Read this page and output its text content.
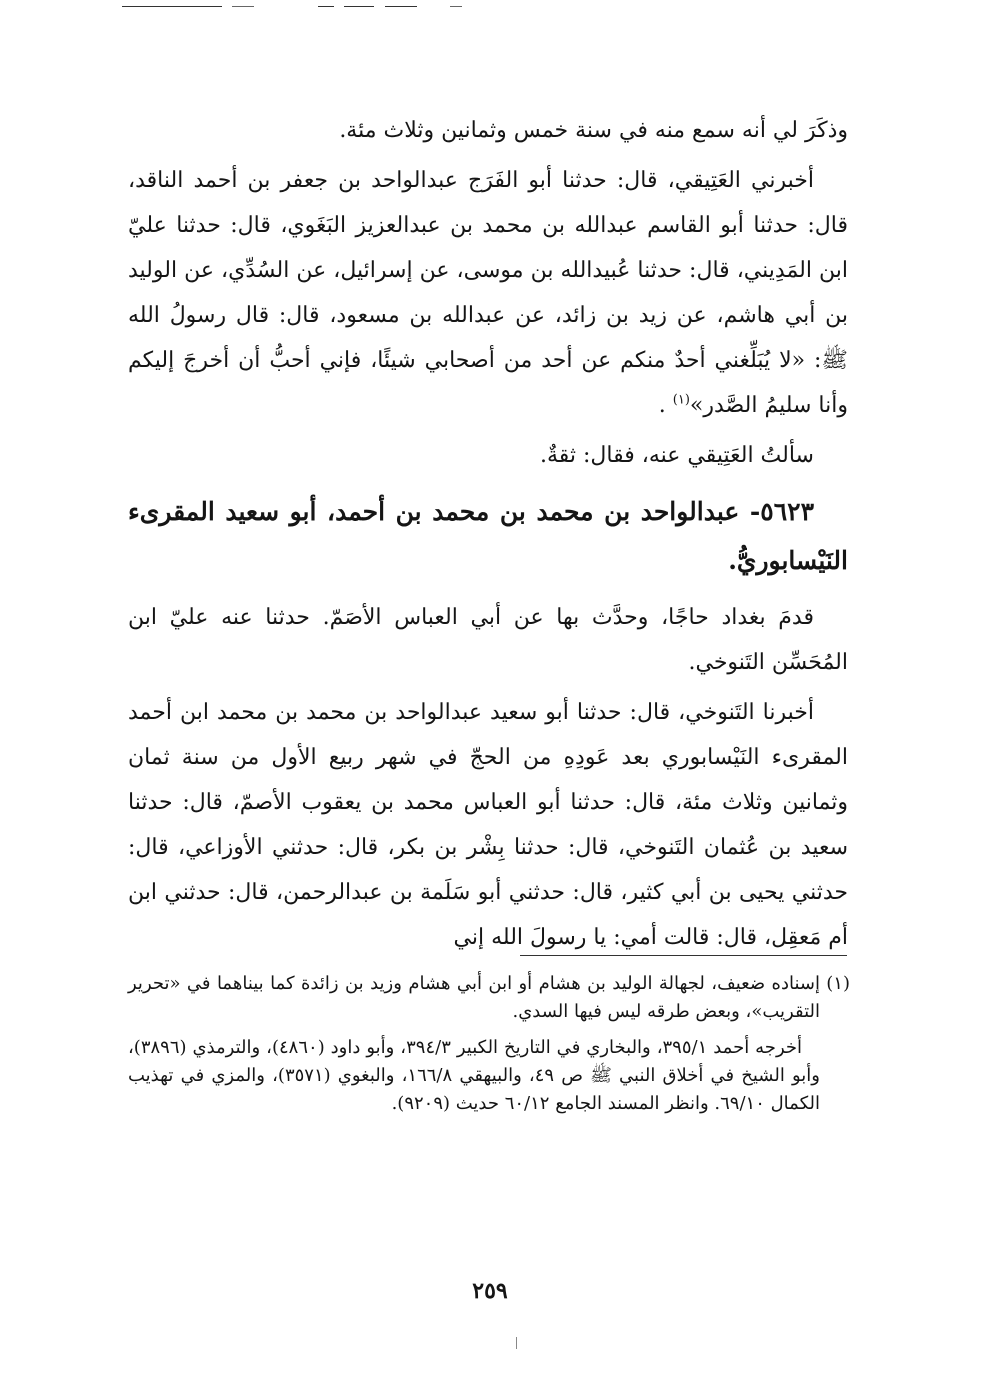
وذكَرَ لي أنه سمع منه في سنة خمس وثمانين وثلاث مئة.

أخبرني العَتِيقي، قال: حدثنا أبو الفَرَج عبدالواحد بن جعفر بن أحمد الناقد، قال: حدثنا أبو القاسم عبدالله بن محمد بن عبدالعزيز البَغَوي، قال: حدثنا عليّ ابن المَدِيني، قال: حدثنا عُبيدالله بن موسى، عن إسرائيل، عن السُدِّي، عن الوليد بن أبي هاشم، عن زيد بن زائد، عن عبدالله بن مسعود، قال: قال رسولُ الله ﷺ: «لا يُبَلِّغني أحدٌ منكم عن أحد من أصحابي شيئًا، فإني أحبُّ أن أخرجَ إليكم وأنا سليمُ الصَّدر»$^{(١)}$ .

سألتُ العَتِيقي عنه، فقال: ثقةٌ.

٥٦٢٣- عبدالواحد بن محمد بن محمد بن أحمد، أبو سعيد المقرىء النَيْسابوريُّ.

قدمَ بغداد حاجًا، وحدَّث بها عن أبي العباس الأصَمّ. حدثنا عنه عليّ ابن المُحَسِّن التَنوخي.

أخبرنا التَنوخي، قال: حدثنا أبو سعيد عبدالواحد بن محمد بن محمد ابن أحمد المقرىء النَيْسابوري بعد عَودِهِ من الحجّ في شهر ربيع الأول من سنة ثمان وثمانين وثلاث مئة، قال: حدثنا أبو العباس محمد بن يعقوب الأصمّ، قال: حدثنا سعيد بن عُثمان التَنوخي، قال: حدثنا بِشْر بن بكر، قال: حدثني الأوزاعي، قال: حدثني يحيى بن أبي كثير، قال: حدثني أبو سَلَمة بن عبدالرحمن، قال: حدثني ابن أم مَعقِل، قال: قالت أمي: يا رسولَ الله إني

(١)
إسناده ضعيف، لجهالة الوليد بن هشام أو ابن أبي هشام وزيد بن زائدة كما بيناهما في «تحرير التقريب»، وبعض طرقه ليس فيها السدي.
أخرجه أحمد ٣٩٥/١، والبخاري في التاريخ الكبير ٣٩٤/٣، وأبو داود (٤٨٦٠)، والترمذي (٣٨٩٦)، وأبو الشيخ في أخلاق النبي ﷺ ص ٤٩، والبيهقي ١٦٦/٨، والبغوي (٣٥٧١)، والمزي في تهذيب الكمال ٦٩/١٠. وانظر المسند الجامع ٦٠/١٢ حديث (٩٢٠٩).
٢٥٩
